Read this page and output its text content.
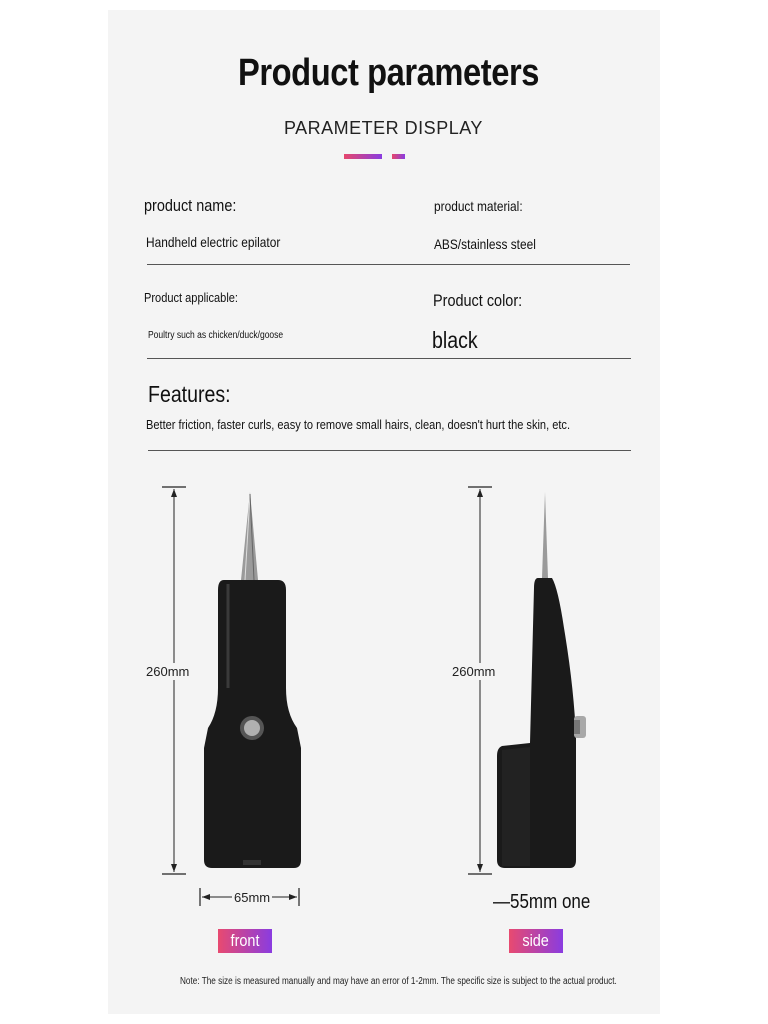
Product parameters
PARAMETER DISPLAY
product name:
Handheld electric epilator
product material:
ABS/stainless steel
Product applicable:
Poultry such as chicken/duck/goose
Product color:
black
Features:
Better friction, faster curls, easy to remove small hairs, clean, doesn't hurt the skin, etc.
260mm
65mm
260mm
—55mm one
front	side
Note: The size is measured manually and may have an error of 1-2mm. The specific size is subject to the actual product.
